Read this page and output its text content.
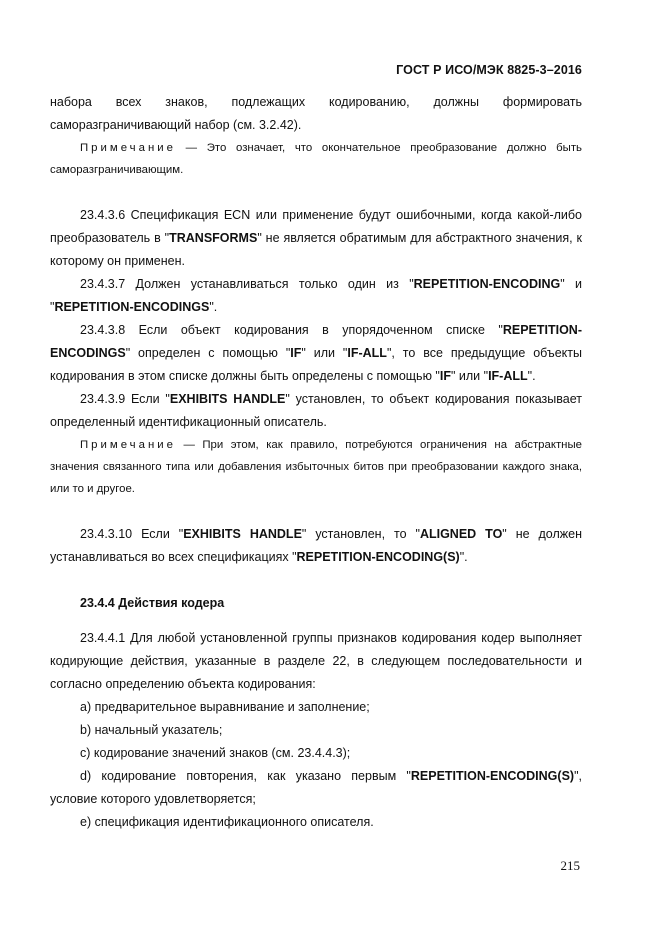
ГОСТ Р ИСО/МЭК 8825-3–2016

набора всех знаков, подлежащих кодированию, должны формировать саморазграничивающий набор (см. 3.2.42).

Примечание — Это означает, что окончательное преобразование должно быть саморазграничивающим.

23.4.3.6 Спецификация ECN или применение будут ошибочными, когда какой-либо преобразователь в "TRANSFORMS" не является обратимым для абстрактного значения, к которому он применен.

23.4.3.7 Должен устанавливаться только один из "REPETITION-ENCODING" и "REPETITION-ENCODINGS".

23.4.3.8 Если объект кодирования в упорядоченном списке "REPETITION-ENCODINGS" определен с помощью "IF" или "IF-ALL", то все предыдущие объекты кодирования в этом списке должны быть определены с помощью "IF" или "IF-ALL".

23.4.3.9 Если "EXHIBITS HANDLE" установлен, то объект кодирования показывает определенный идентификационный описатель.

Примечание — При этом, как правило, потребуются ограничения на абстрактные значения связанного типа или добавления избыточных битов при преобразовании каждого знака, или то и другое.

23.4.3.10 Если "EXHIBITS HANDLE" установлен, то "ALIGNED TO" не должен устанавливаться во всех спецификациях "REPETITION-ENCODING(S)".

23.4.4 Действия кодера

23.4.4.1 Для любой установленной группы признаков кодирования кодер выполняет кодирующие действия, указанные в разделе 22, в следующем последовательности и согласно определению объекта кодирования:

а) предварительное выравнивание и заполнение;

b) начальный указатель;

с) кодирование значений знаков (см. 23.4.4.3);

d) кодирование повторения, как указано первым "REPETITION-ENCODING(S)", условие которого удовлетворяется;

е) спецификация идентификационного описателя.

215
